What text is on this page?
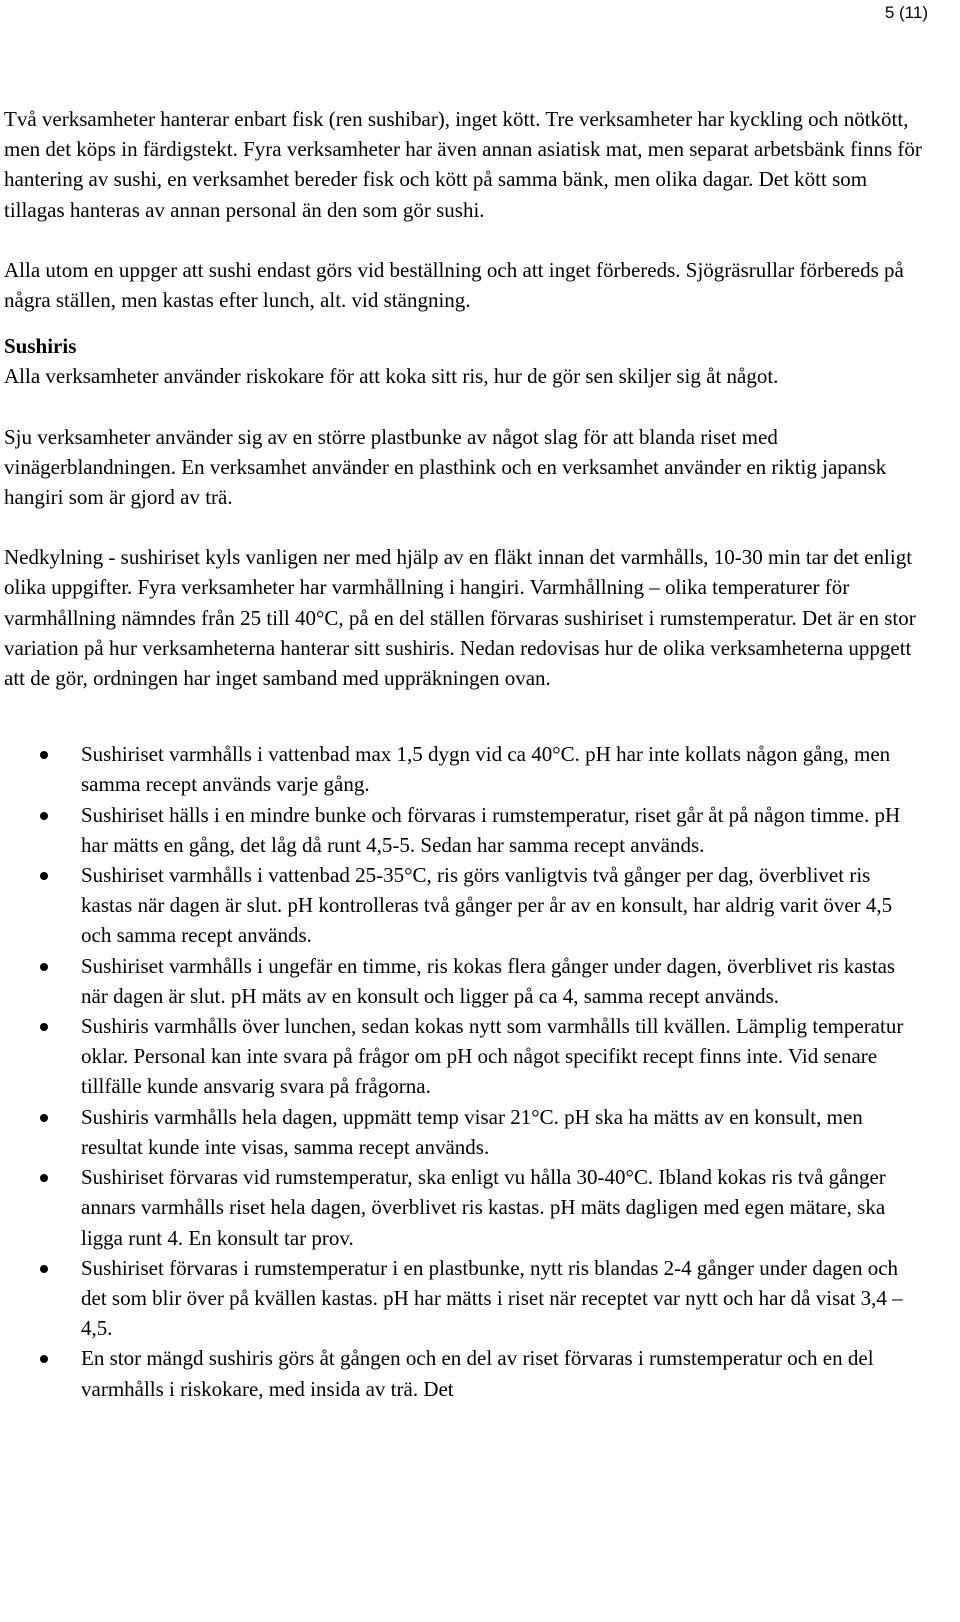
5 (11)

Två verksamheter hanterar enbart fisk (ren sushibar), inget kött. Tre verksamheter har kyckling och nötkött, men det köps in färdigstekt. Fyra verksamheter har även annan asiatisk mat, men separat arbetsbänk finns för hantering av sushi, en verksamhet bereder fisk och kött på samma bänk, men olika dagar. Det kött som tillagas hanteras av annan personal än den som gör sushi.

Alla utom en uppger att sushi endast görs vid beställning och att inget förbereds. Sjögräsrullar förbereds på några ställen, men kastas efter lunch, alt. vid stängning.

Sushiris

Alla verksamheter använder riskokare för att koka sitt ris, hur de gör sen skiljer sig åt något.

Sju verksamheter använder sig av en större plastbunke av något slag för att blanda riset med vinägerblandningen. En verksamhet använder en plasthink och en verksamhet använder en riktig japansk hangiri som är gjord av trä.

Nedkylning - sushiriset kyls vanligen ner med hjälp av en fläkt innan det varmhålls, 10-30 min tar det enligt olika uppgifter. Fyra verksamheter har varmhållning i hangiri. Varmhållning – olika temperaturer för varmhållning nämndes från 25 till 40°C, på en del ställen förvaras sushiriset i rumstemperatur. Det är en stor variation på hur verksamheterna hanterar sitt sushiris. Nedan redovisas hur de olika verksamheterna uppgett att de gör, ordningen har inget samband med uppräkningen ovan.

Sushiriset varmhålls i vattenbad max 1,5 dygn vid ca 40°C. pH har inte kollats någon gång, men samma recept används varje gång.
Sushiriset hälls i en mindre bunke och förvaras i rumstemperatur, riset går åt på någon timme. pH har mätts en gång, det låg då runt 4,5-5. Sedan har samma recept används.
Sushiriset varmhålls i vattenbad 25-35°C, ris görs vanligtvis två gånger per dag, överblivet ris kastas när dagen är slut. pH kontrolleras två gånger per år av en konsult, har aldrig varit över 4,5 och samma recept används.
Sushiriset varmhålls i ungefär en timme, ris kokas flera gånger under dagen, överblivet ris kastas när dagen är slut. pH mäts av en konsult och ligger på ca 4, samma recept används.
Sushiris varmhålls över lunchen, sedan kokas nytt som varmhålls till kvällen. Lämplig temperatur oklar. Personal kan inte svara på frågor om pH och något specifikt recept finns inte. Vid senare tillfälle kunde ansvarig svara på frågorna.
Sushiris varmhålls hela dagen, uppmätt temp visar 21°C. pH ska ha mätts av en konsult, men resultat kunde inte visas, samma recept används.
Sushiriset förvaras vid rumstemperatur, ska enligt vu hålla 30-40°C. Ibland kokas ris två gånger annars varmhålls riset hela dagen, överblivet ris kastas. pH mäts dagligen med egen mätare, ska ligga runt 4. En konsult tar prov.
Sushiriset förvaras i rumstemperatur i en plastbunke, nytt ris blandas 2-4 gånger under dagen och det som blir över på kvällen kastas. pH har mätts i riset när receptet var nytt och har då visat 3,4 – 4,5.
En stor mängd sushiris görs åt gången och en del av riset förvaras i rumstemperatur och en del varmhålls i riskokare, med insida av trä. Det
